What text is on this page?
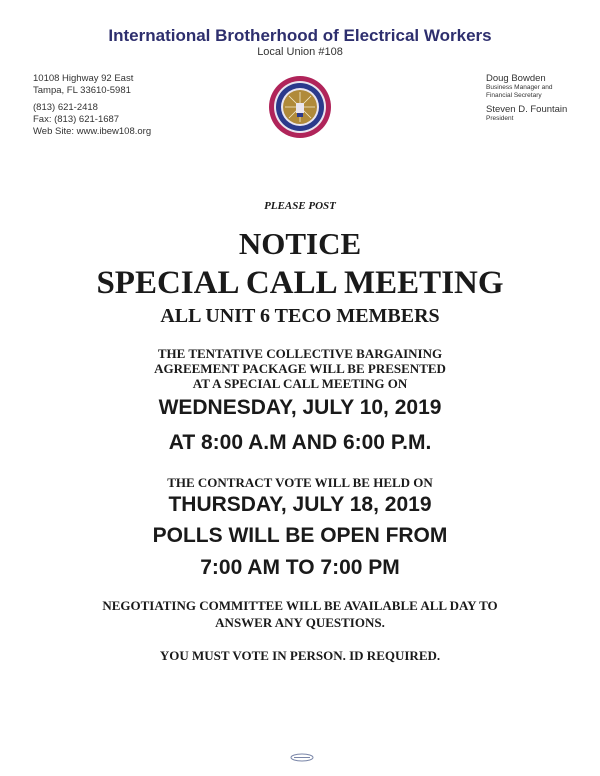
International Brotherhood of Electrical Workers
Local Union #108
10108 Highway 92 East
Tampa, FL 33610-5981
(813) 621-2418
Fax: (813) 621-1687
Web Site: www.ibew108.org
Doug Bowden
Business Manager and
Financial Secretary
Steven D. Fountain
President
PLEASE POST
NOTICE
SPECIAL CALL MEETING
ALL UNIT 6 TECO MEMBERS
THE TENTATIVE COLLECTIVE BARGAINING
AGREEMENT PACKAGE WILL BE PRESENTED
AT A SPECIAL CALL MEETING ON
WEDNESDAY, JULY 10, 2019
AT 8:00 A.M AND 6:00 P.M.
THE CONTRACT VOTE WILL BE HELD ON
THURSDAY, JULY 18, 2019
POLLS WILL BE OPEN FROM
7:00 AM TO 7:00 PM
NEGOTIATING COMMITTEE WILL BE AVAILABLE ALL DAY TO
ANSWER ANY QUESTIONS.
YOU MUST VOTE IN PERSON. ID REQUIRED.
